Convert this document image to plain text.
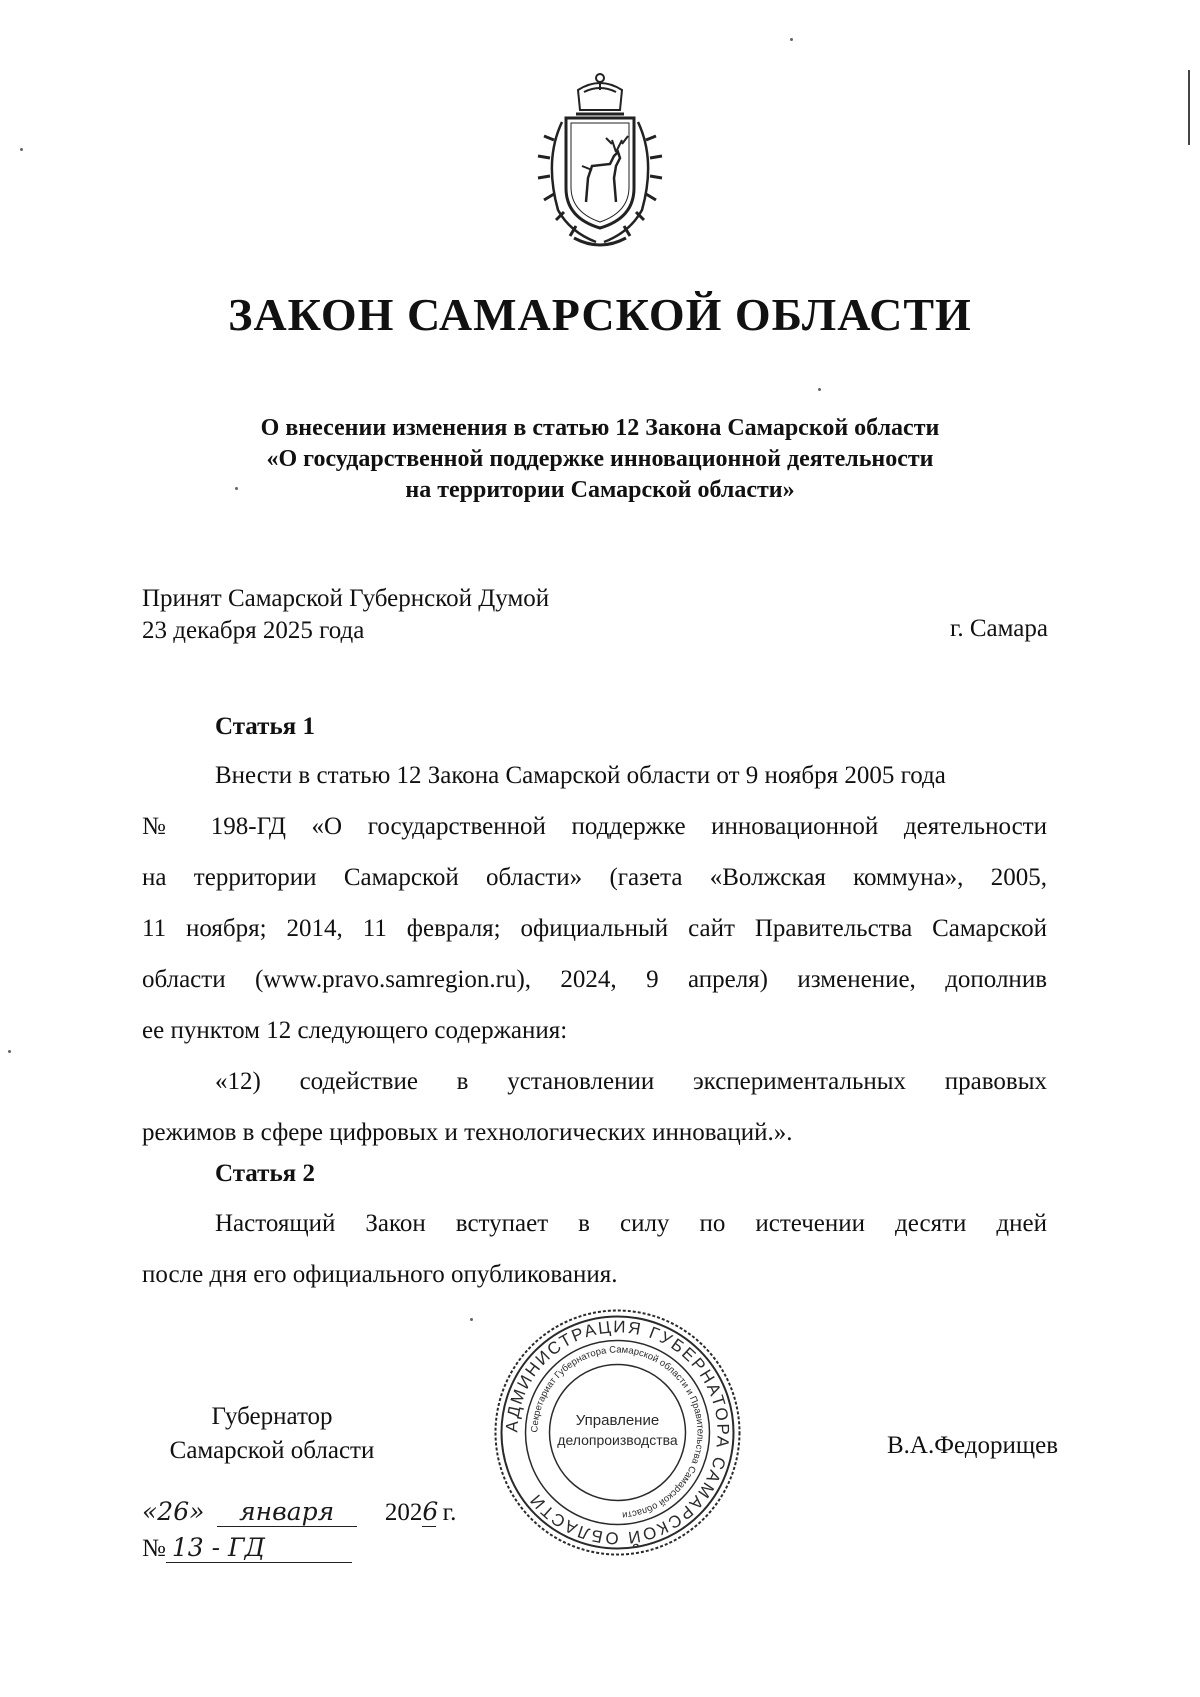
ЗАКОН САМАРСКОЙ ОБЛАСТИ
О внесении изменения в статью 12 Закона Самарской области
«О государственной поддержке инновационной деятельности
на территории Самарской области»
Принят Самарской Губернской Думой
23 декабря 2025 года	г. Самара
Статья 1
Внести в статью 12 Закона Самарской области от 9 ноября 2005 года
№ 198-ГД «О государственной поддержке инновационной деятельности
на территории Самарской области» (газета «Волжская коммуна», 2005,
11 ноября; 2014, 11 февраля; официальный сайт Правительства Самарской
области (www.pravo.samregion.ru), 2024, 9 апреля) изменение, дополнив
ее пунктом 12 следующего содержания:
«12) содействие в установлении экспериментальных правовых
режимов в сфере цифровых и технологических инноваций.».
Статья 2
Настоящий Закон вступает в силу по истечении десяти дней
после дня его официального опубликования.
Губернатор
Самарской области	В.А.Федорищев
АДМИНИСТРАЦИЯ ГУБЕРНАТОРА САМАРСКОЙ ОБЛАСТИ
Секретариат Губернатора Самарской области и Правительства Самарской области
Управление
делопроизводства
«26» января 2026 г.
№ 13 - ГД
